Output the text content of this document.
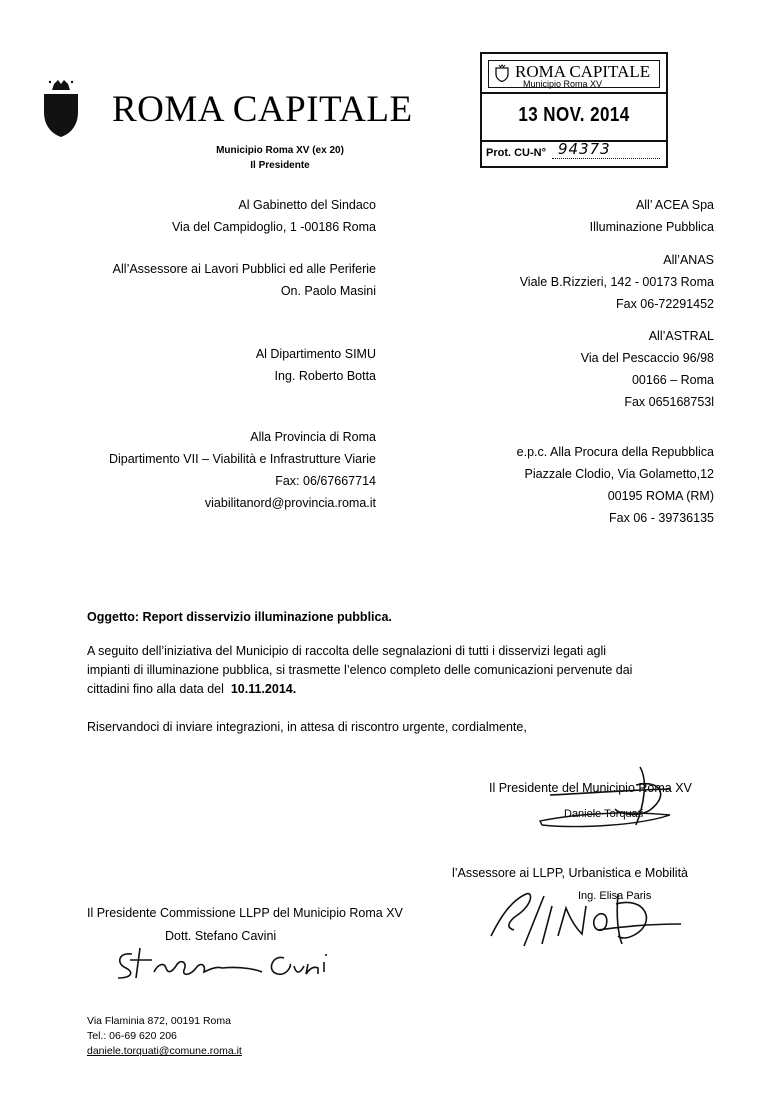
ROMA CAPITALE
Municipio Roma XV (ex 20)
Il Presidente
ROMA CAPITALE
Municipio Roma XV
13 NOV. 2014
Prot. CU-N° 94373
Al Gabinetto del Sindaco
Via del Campidoglio, 1 -00186 Roma
All’Assessore ai Lavori Pubblici ed alle Periferie
On. Paolo Masini
Al Dipartimento SIMU
Ing. Roberto Botta
Alla Provincia di Roma
Dipartimento VII – Viabilità e Infrastrutture Viarie
Fax: 06/67667714
viabilitanord@provincia.roma.it
All’ ACEA Spa
Illuminazione Pubblica
All’ANAS
Viale B.Rizzieri, 142 - 00173 Roma
Fax 06-72291452
All’ASTRAL
Via del Pescaccio 96/98
00166 – Roma
Fax 065168753l
e.p.c. Alla Procura della Repubblica
Piazzale Clodio, Via Golametto,12
00195 ROMA (RM)
Fax 06 - 39736135
Oggetto: Report disservizio illuminazione pubblica.
A seguito dell’iniziativa del Municipio di raccolta delle segnalazioni di tutti i disservizi legati agli
impianti di illuminazione pubblica, si trasmette l’elenco completo delle comunicazioni pervenute dai
cittadini fino alla data del 10.11.2014.
Riservandoci di inviare integrazioni, in attesa di riscontro urgente, cordialmente,
Il Presidente del Municipio Roma XV
Daniele Torquati
l’Assessore ai LLPP, Urbanistica e Mobilità
Ing. Elisa Paris
Il Presidente Commissione LLPP del Municipio Roma XV
Dott. Stefano Cavini
Via Flaminia 872, 00191 Roma
Tel.: 06-69 620 206
daniele.torquati@comune.roma.it
